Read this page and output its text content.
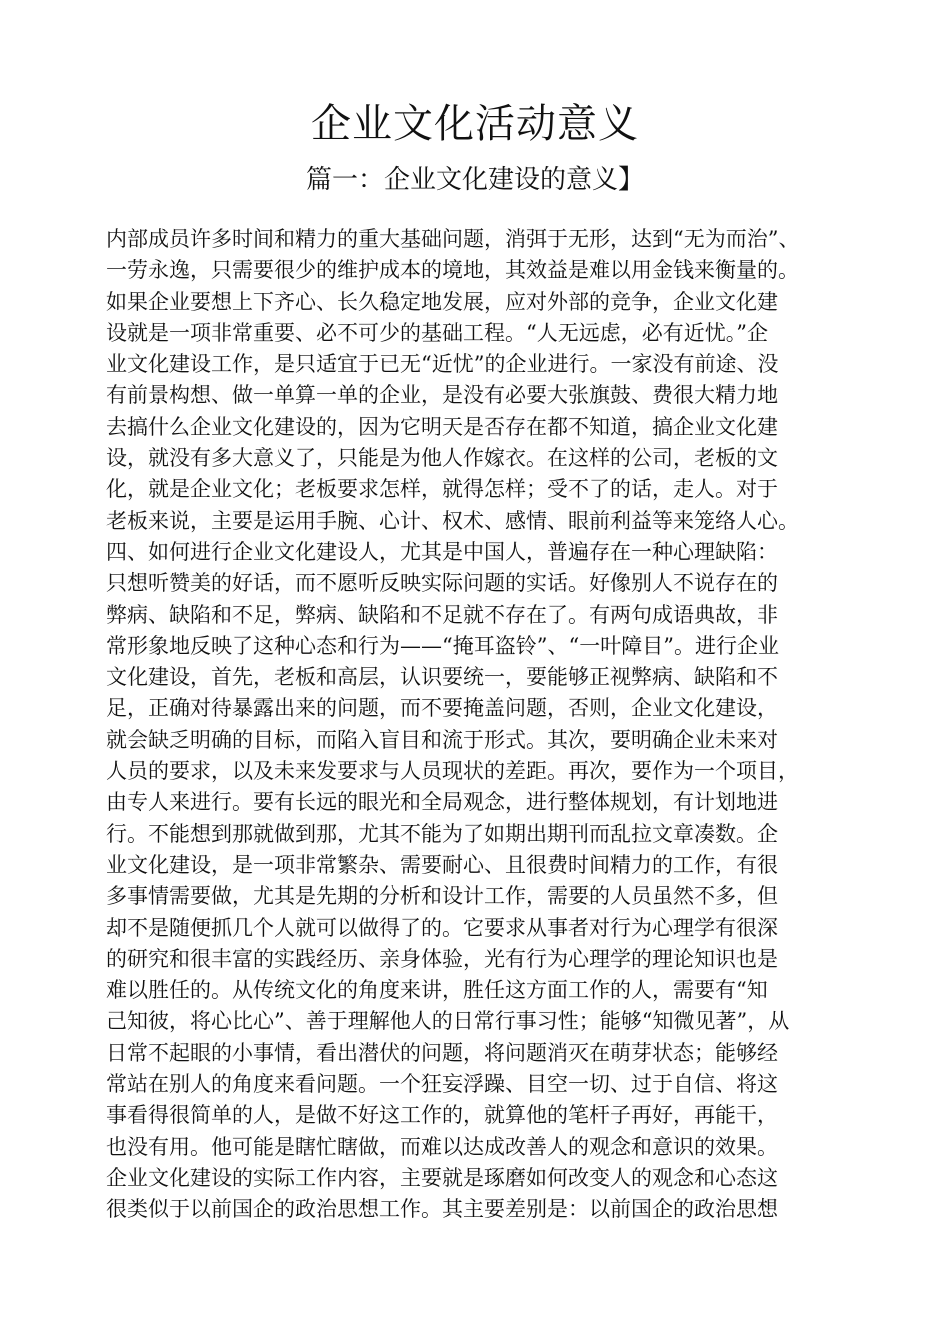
企业文化活动意义
篇一：企业文化建设的意义】
内部成员许多时间和精力的重大基础问题，消弭于无形，达到“无为而治”、
一劳永逸，只需要很少的维护成本的境地，其效益是难以用金钱来衡量的。
如果企业要想上下齐心、长久稳定地发展，应对外部的竞争，企业文化建
设就是一项非常重要、必不可少的基础工程。“人无远虑，必有近忧。”企
业文化建设工作，是只适宜于已无“近忧”的企业进行。一家没有前途、没
有前景构想、做一单算一单的企业，是没有必要大张旗鼓、费很大精力地
去搞什么企业文化建设的，因为它明天是否存在都不知道，搞企业文化建
设，就没有多大意义了，只能是为他人作嫁衣。在这样的公司，老板的文
化，就是企业文化；老板要求怎样，就得怎样；受不了的话，走人。对于
老板来说，主要是运用手腕、心计、权术、感情、眼前利益等来笼络人心。
四、如何进行企业文化建设人，尤其是中国人，普遍存在一种心理缺陷：
只想听赞美的好话，而不愿听反映实际问题的实话。好像别人不说存在的
弊病、缺陷和不足，弊病、缺陷和不足就不存在了。有两句成语典故，非
常形象地反映了这种心态和行为——“掩耳盗铃”、“一叶障目”。进行企业
文化建设，首先，老板和高层，认识要统一，要能够正视弊病、缺陷和不
足，正确对待暴露出来的问题，而不要掩盖问题，否则，企业文化建设，
就会缺乏明确的目标，而陷入盲目和流于形式。其次，要明确企业未来对
人员的要求，以及未来发要求与人员现状的差距。再次，要作为一个项目，
由专人来进行。要有长远的眼光和全局观念，进行整体规划，有计划地进
行。不能想到那就做到那，尤其不能为了如期出期刊而乱拉文章凑数。企
业文化建设，是一项非常繁杂、需要耐心、且很费时间精力的工作，有很
多事情需要做，尤其是先期的分析和设计工作，需要的人员虽然不多，但
却不是随便抓几个人就可以做得了的。它要求从事者对行为心理学有很深
的研究和很丰富的实践经历、亲身体验，光有行为心理学的理论知识也是
难以胜任的。从传统文化的角度来讲，胜任这方面工作的人，需要有“知
己知彼，将心比心”、善于理解他人的日常行事习性；能够“知微见著”，从
日常不起眼的小事情，看出潜伏的问题，将问题消灭在萌芽状态；能够经
常站在别人的角度来看问题。一个狂妄浮躁、目空一切、过于自信、将这
事看得很简单的人，是做不好这工作的，就算他的笔杆子再好，再能干，
也没有用。他可能是瞎忙瞎做，而难以达成改善人的观念和意识的效果。
企业文化建设的实际工作内容，主要就是琢磨如何改变人的观念和心态这
很类似于以前国企的政治思想工作。其主要差别是：以前国企的政治思想
